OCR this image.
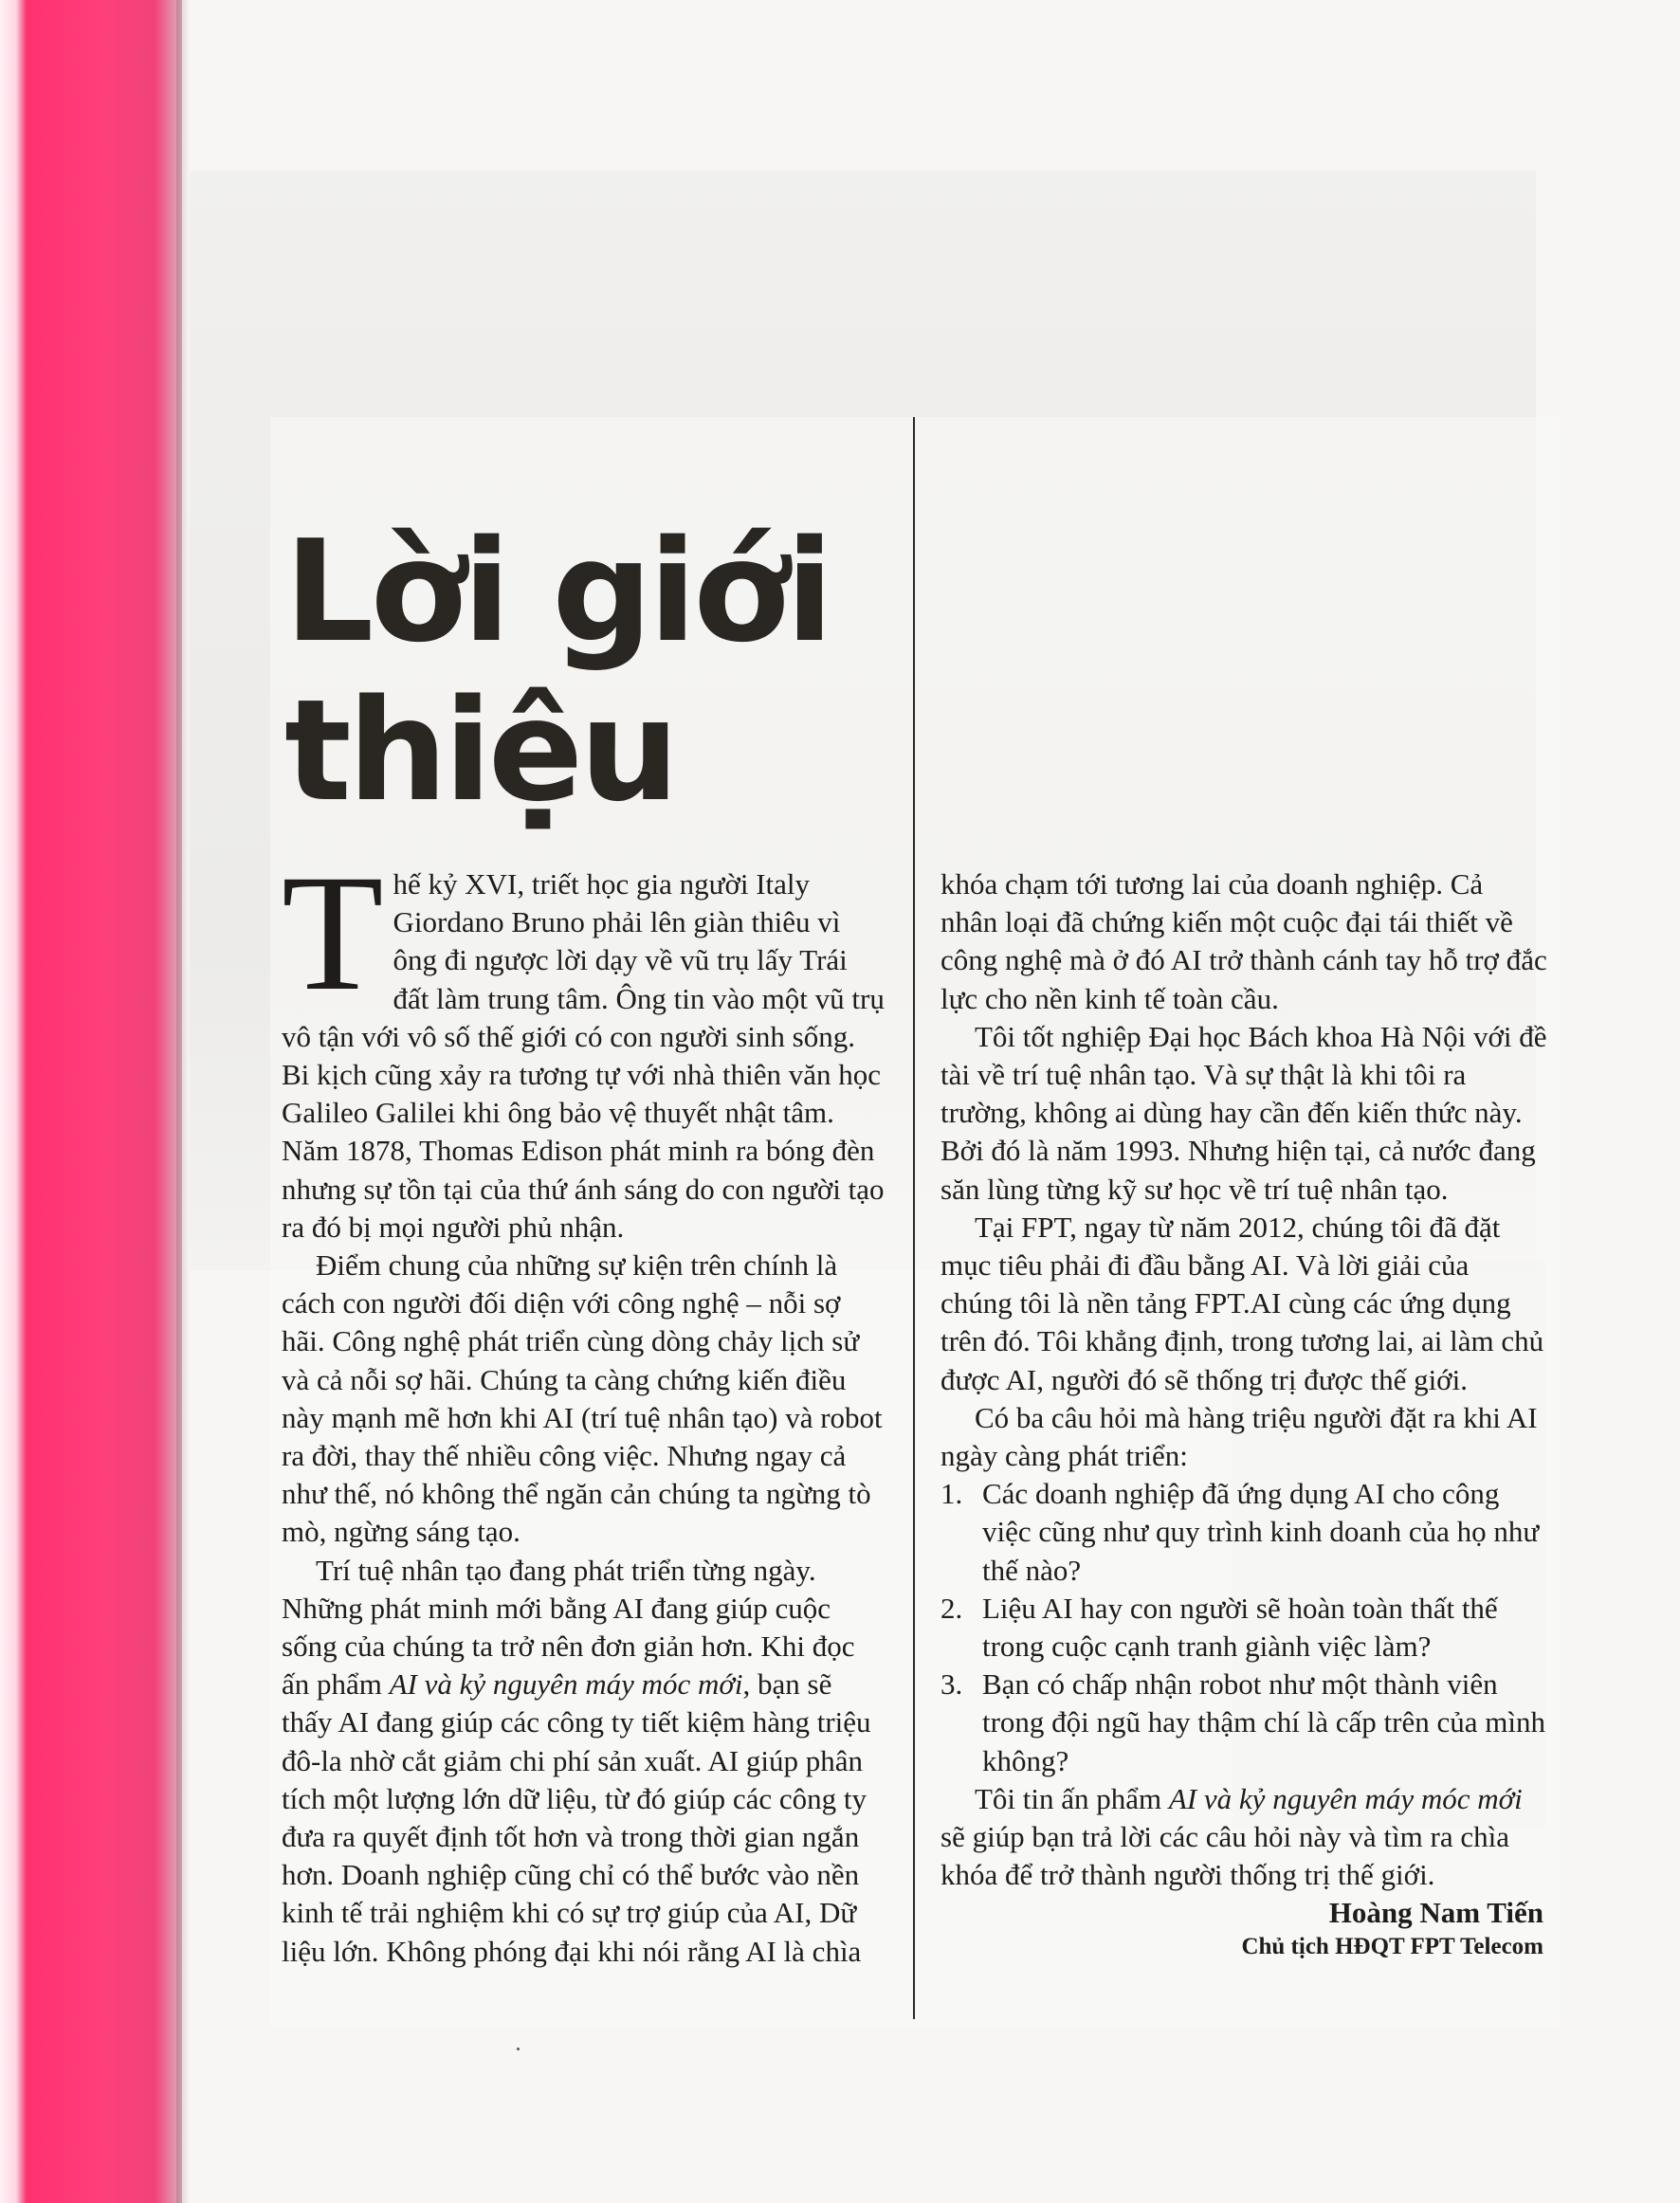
Lời giới
thiệu

Thế kỷ XVI, triết học gia người Italy Giordano Bruno phải lên giàn thiêu vì ông đi ngược lời dạy về vũ trụ lấy Trái đất làm trung tâm. Ông tin vào một vũ trụ vô tận với vô số thế giới có con người sinh sống. Bi kịch cũng xảy ra tương tự với nhà thiên văn học Galileo Galilei khi ông bảo vệ thuyết nhật tâm. Năm 1878, Thomas Edison phát minh ra bóng đèn nhưng sự tồn tại của thứ ánh sáng do con người tạo ra đó bị mọi người phủ nhận.

Điểm chung của những sự kiện trên chính là cách con người đối diện với công nghệ – nỗi sợ hãi. Công nghệ phát triển cùng dòng chảy lịch sử và cả nỗi sợ hãi. Chúng ta càng chứng kiến điều này mạnh mẽ hơn khi AI (trí tuệ nhân tạo) và robot ra đời, thay thế nhiều công việc. Nhưng ngay cả như thế, nó không thể ngăn cản chúng ta ngừng tò mò, ngừng sáng tạo.

Trí tuệ nhân tạo đang phát triển từng ngày. Những phát minh mới bằng AI đang giúp cuộc sống của chúng ta trở nên đơn giản hơn. Khi đọc ấn phẩm AI và kỷ nguyên máy móc mới, bạn sẽ thấy AI đang giúp các công ty tiết kiệm hàng triệu đô-la nhờ cắt giảm chi phí sản xuất. AI giúp phân tích một lượng lớn dữ liệu, từ đó giúp các công ty đưa ra quyết định tốt hơn và trong thời gian ngắn hơn. Doanh nghiệp cũng chỉ có thể bước vào nền kinh tế trải nghiệm khi có sự trợ giúp của AI, Dữ liệu lớn. Không phóng đại khi nói rằng AI là chìa

khóa chạm tới tương lai của doanh nghiệp. Cả nhân loại đã chứng kiến một cuộc đại tái thiết về công nghệ mà ở đó AI trở thành cánh tay hỗ trợ đắc lực cho nền kinh tế toàn cầu.

Tôi tốt nghiệp Đại học Bách khoa Hà Nội với đề tài về trí tuệ nhân tạo. Và sự thật là khi tôi ra trường, không ai dùng hay cần đến kiến thức này. Bởi đó là năm 1993. Nhưng hiện tại, cả nước đang săn lùng từng kỹ sư học về trí tuệ nhân tạo.

Tại FPT, ngay từ năm 2012, chúng tôi đã đặt mục tiêu phải đi đầu bằng AI. Và lời giải của chúng tôi là nền tảng FPT.AI cùng các ứng dụng trên đó. Tôi khẳng định, trong tương lai, ai làm chủ được AI, người đó sẽ thống trị được thế giới.

Có ba câu hỏi mà hàng triệu người đặt ra khi AI ngày càng phát triển:

1. Các doanh nghiệp đã ứng dụng AI cho công việc cũng như quy trình kinh doanh của họ như thế nào?
2. Liệu AI hay con người sẽ hoàn toàn thất thế trong cuộc cạnh tranh giành việc làm?
3. Bạn có chấp nhận robot như một thành viên trong đội ngũ hay thậm chí là cấp trên của mình không?

Tôi tin ấn phẩm AI và kỷ nguyên máy móc mới sẽ giúp bạn trả lời các câu hỏi này và tìm ra chìa khóa để trở thành người thống trị thế giới.

Hoàng Nam Tiến
Chủ tịch HĐQT FPT Telecom
